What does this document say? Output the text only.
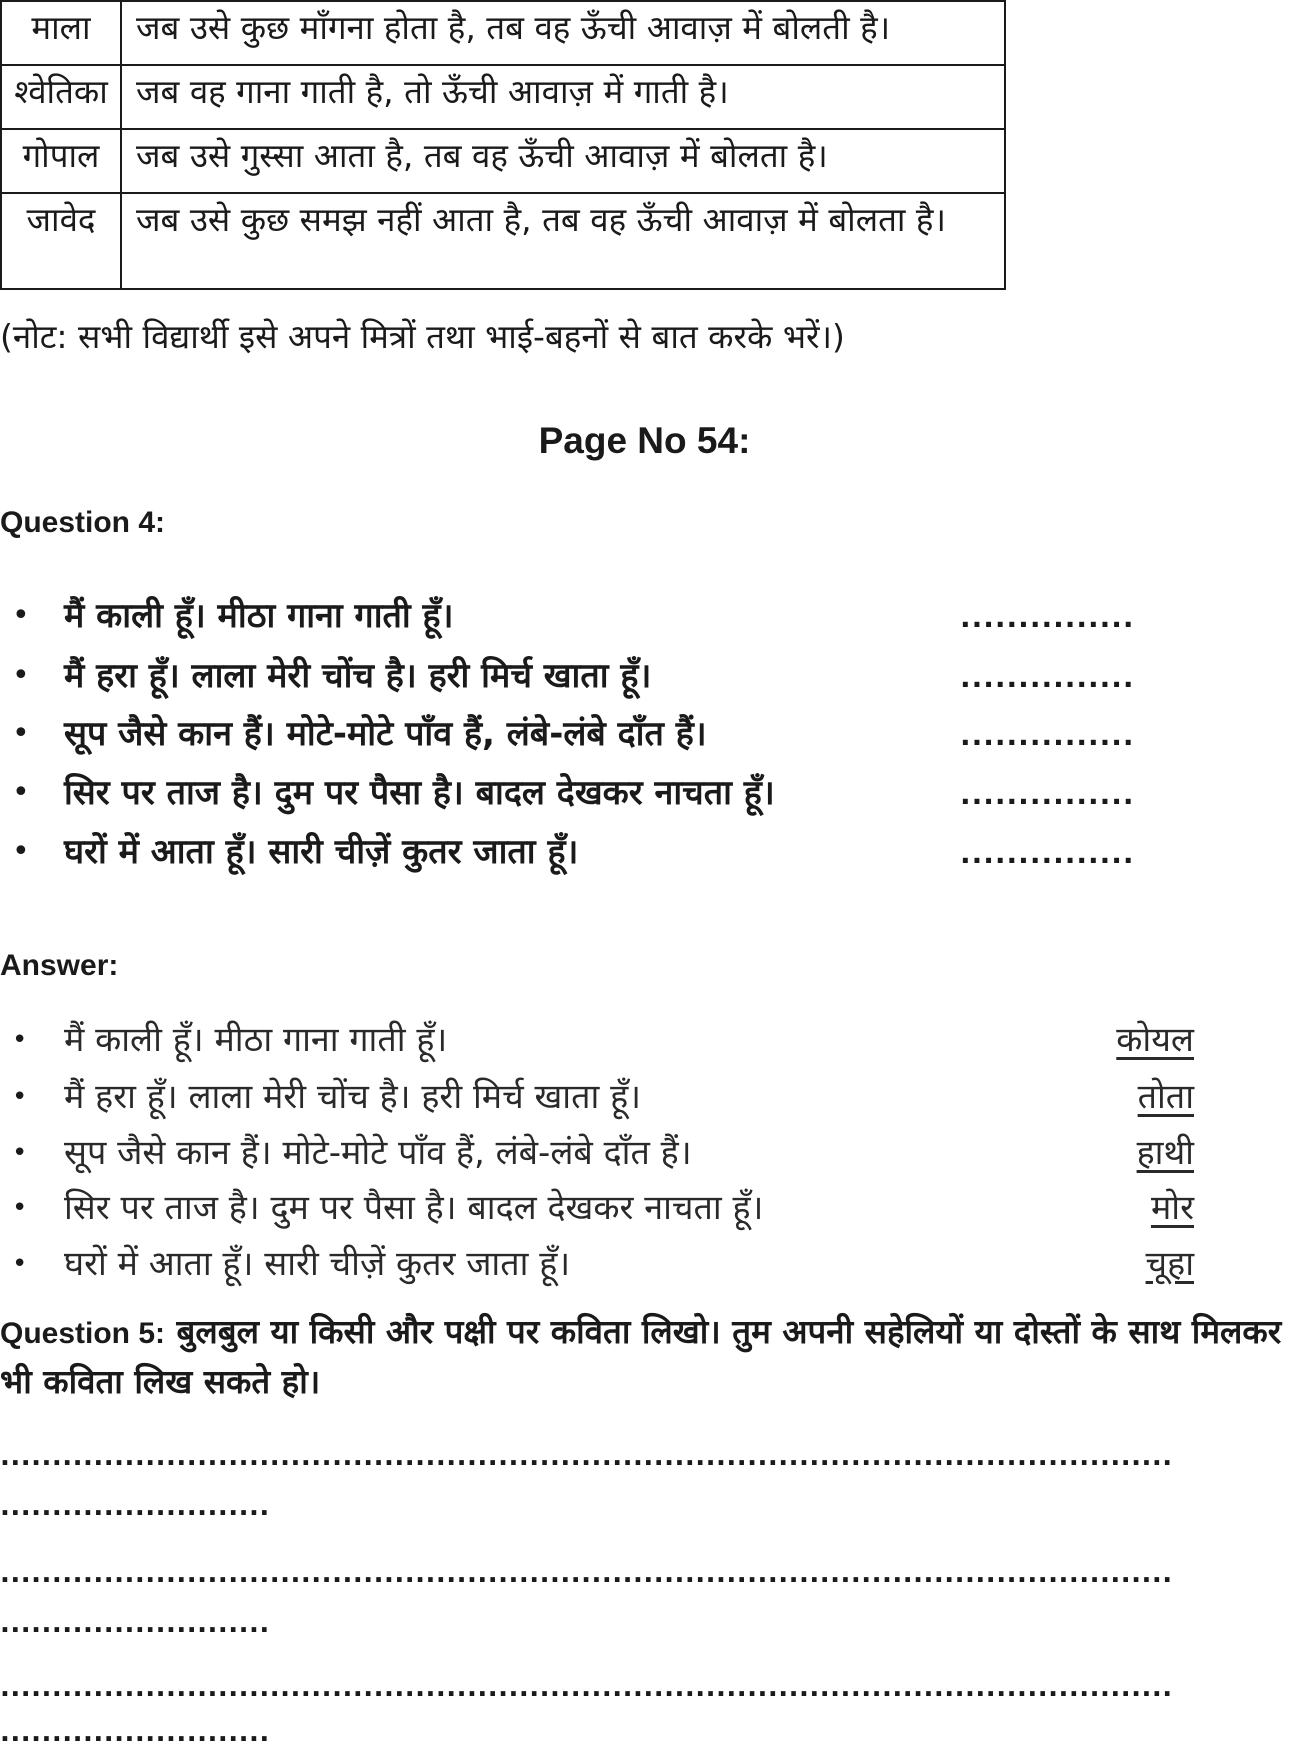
माला	जब उसे कुछ माँगना होता है, तब वह ऊँची आवाज़ में बोलती है।
श्वेतिका	जब वह गाना गाती है, तो ऊँची आवाज़ में गाती है।
गोपाल	जब उसे गुस्सा आता है, तब वह ऊँची आवाज़ में बोलता है।
जावेद	जब उसे कुछ समझ नहीं आता है, तब वह ऊँची आवाज़ में बोलता है।
(नोट: सभी विद्यार्थी इसे अपने मित्रों तथा भाई-बहनों से बात करके भरें।)
Page No 54:
Question 4:
• मैं काली हूँ। मीठा गाना गाती हूँ।	...............
• मैं हरा हूँ। लाला मेरी चोंच है। हरी मिर्च खाता हूँ।	...............
• सूप जैसे कान हैं। मोटे-मोटे पाँव हैं, लंबे-लंबे दाँत हैं।	...............
• सिर पर ताज है। दुम पर पैसा है। बादल देखकर नाचता हूँ।	...............
• घरों में आता हूँ। सारी चीज़ें कुतर जाता हूँ।	...............
Answer:
• मैं काली हूँ। मीठा गाना गाती हूँ।	कोयल
• मैं हरा हूँ। लाला मेरी चोंच है। हरी मिर्च खाता हूँ।	तोता
• सूप जैसे कान हैं। मोटे-मोटे पाँव हैं, लंबे-लंबे दाँत हैं।	हाथी
• सिर पर ताज है। दुम पर पैसा है। बादल देखकर नाचता हूँ।	मोर
• घरों में आता हूँ। सारी चीज़ें कुतर जाता हूँ।	चूहा
Question 5: बुलबुल या किसी और पक्षी पर कविता लिखो। तुम अपनी सहेलियों या दोस्तों के साथ मिलकर भी कविता लिख सकते हो।
.................................................................................................................
..........................
.................................................................................................................
..........................
.................................................................................................................
..........................
